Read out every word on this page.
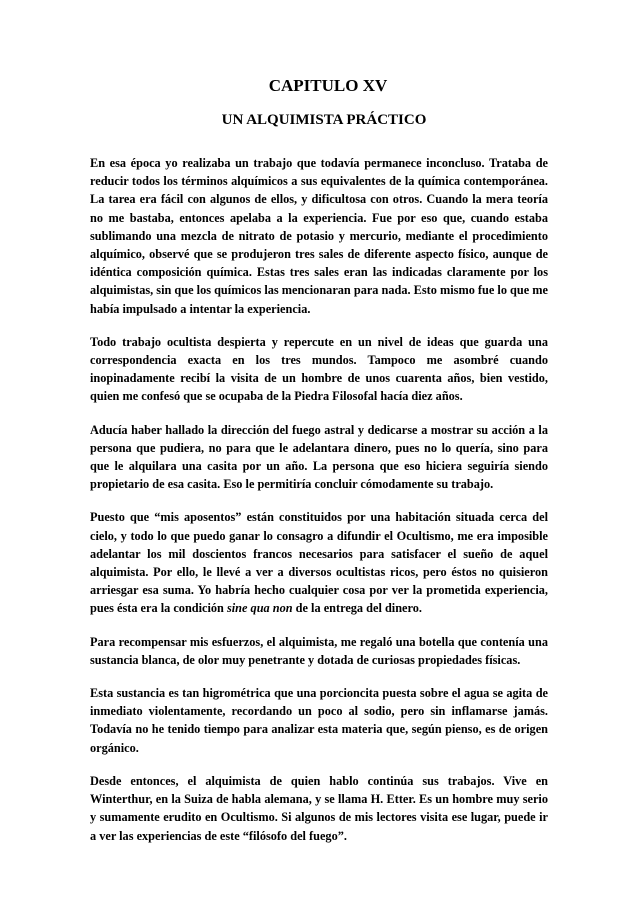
CAPITULO XV
UN ALQUIMISTA PRÁCTICO

En esa época yo realizaba un trabajo que todavía permanece inconcluso. Trataba de reducir todos los términos alquímicos a sus equivalentes de la química contemporánea. La tarea era fácil con algunos de ellos, y dificultosa con otros. Cuando la mera teoría no me bastaba, entonces apelaba a la experiencia. Fue por eso que, cuando estaba sublimando una mezcla de nitrato de potasio y mercurio, mediante el procedimiento alquímico, observé que se produjeron tres sales de diferente aspecto físico, aunque de idéntica composición química. Estas tres sales eran las indicadas claramente por los alquimistas, sin que los químicos las mencionaran para nada. Esto mismo fue lo que me había impulsado a intentar la experiencia.

Todo trabajo ocultista despierta y repercute en un nivel de ideas que guarda una correspondencia exacta en los tres mundos. Tampoco me asombré cuando inopinadamente recibí la visita de un hombre de unos cuarenta años, bien vestido, quien me confesó que se ocupaba de la Piedra Filosofal hacía diez años.

Aducía haber hallado la dirección del fuego astral y dedicarse a mostrar su acción a la persona que pudiera, no para que le adelantara dinero, pues no lo quería, sino para que le alquilara una casita por un año. La persona que eso hiciera seguiría siendo propietario de esa casita. Eso le permitiría concluir cómodamente su trabajo.

Puesto que “mis aposentos” están constituidos por una habitación situada cerca del cielo, y todo lo que puedo ganar lo consagro a difundir el Ocultismo, me era imposible adelantar los mil doscientos francos necesarios para satisfacer el sueño de aquel alquimista. Por ello, le llevé a ver a diversos ocultistas ricos, pero éstos no quisieron arriesgar esa suma. Yo habría hecho cualquier cosa por ver la prometida experiencia, pues ésta era la condición sine qua non de la entrega del dinero.

Para recompensar mis esfuerzos, el alquimista, me regaló una botella que contenía una sustancia blanca, de olor muy penetrante y dotada de curiosas propiedades físicas.

Esta sustancia es tan higrométrica que una porcioncita puesta sobre el agua se agita de inmediato violentamente, recordando un poco al sodio, pero sin inflamarse jamás. Todavía no he tenido tiempo para analizar esta materia que, según pienso, es de origen orgánico.

Desde entonces, el alquimista de quien hablo continúa sus trabajos. Vive en Winterthur, en la Suiza de habla alemana, y se llama H. Etter. Es un hombre muy serio y sumamente erudito en Ocultismo. Si algunos de mis lectores visita ese lugar, puede ir a ver las experiencias de este “filósofo del fuego”.
